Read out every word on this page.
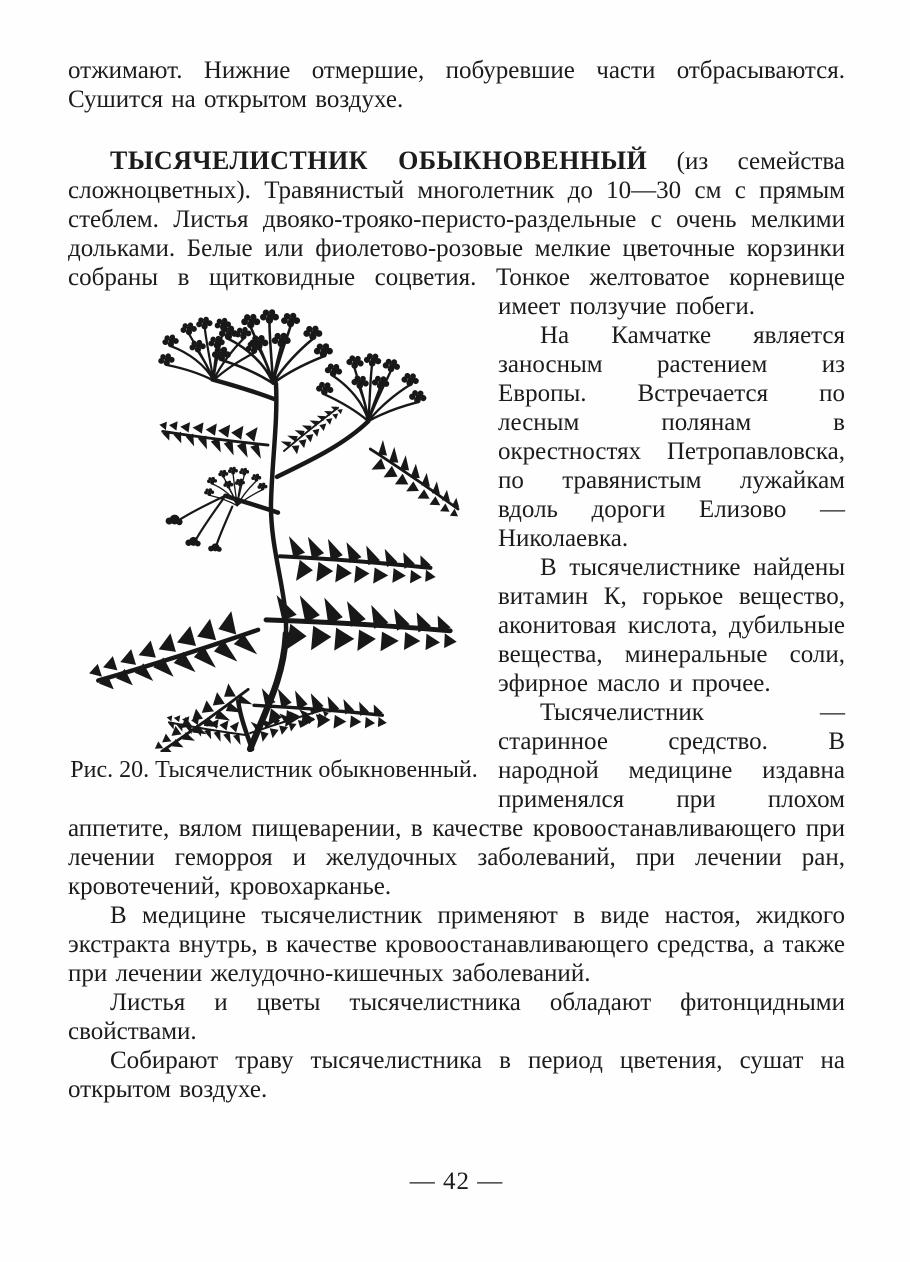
отжимают. Нижние отмершие, побуревшие части отбрасываются. Сушится на открытом воздухе.

ТЫСЯЧЕЛИСТНИК ОБЫКНОВЕННЫЙ (из семейства сложноцветных). Травянистый многолетник до 10—30 см с прямым стеблем. Листья двояко-трояко-перисто-раздельные с очень мелкими дольками. Белые или фиолетово-розовые мелкие цветочные корзинки собраны в щитковидные соцветия. Тонкое желтоватое корневище

Рис. 20. Тысячелистник обыкновенный.

имеет ползучие побеги.

На Камчатке является заносным растением из Европы. Встречается по лесным полянам в окрестностях Петропавловска, по травянистым лужайкам вдоль дороги Елизово — Николаевка.

В тысячелистнике найдены витамин К, горькое вещество, аконитовая кислота, дубильные вещества, минеральные соли, эфирное масло и прочее.

Тысячелистник — старинное средство. В народной медицине издавна применялся при плохом аппетите, вялом пищеварении, в качестве кровоостанавливающего при лечении геморроя и желудочных заболеваний, при лечении ран, кровотечений, кровохарканье.

В медицине тысячелистник применяют в виде настоя, жидкого экстракта внутрь, в качестве кровоостанавливающего средства, а также при лечении желудочно-кишечных заболеваний.

Листья и цветы тысячелистника обладают фитонцидными свойствами.

Собирают траву тысячелистника в период цветения, сушат на открытом воздухе.

— 42 —
